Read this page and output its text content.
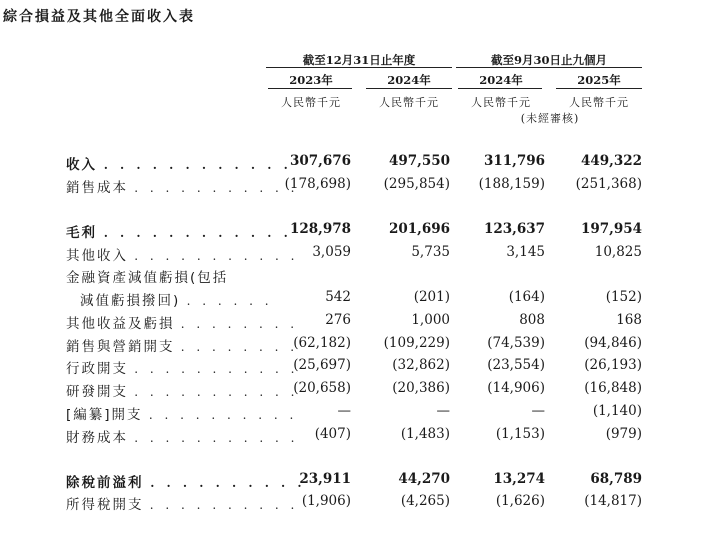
綜合損益及其他全面收入表
截至12月31日止年度	截至9月30日止九個月
2023年	2024年	2024年	2025年
人民幣千元	人民幣千元	人民幣千元	人民幣千元
(未經審核)
收入 . . . . . . . . . . . .
307,676	497,550	311,796	449,322
銷售成本 . . . . . . . . . . .
(178,698) (295,854) (188,159) (251,368)
毛利 . . . . . . . . . . . .
128,978	201,696	123,637	197,954
其他收入 . . . . . . . . . . . 3,059	5,735	3,145	10,825
金融資產減值虧損(包括
減值虧損撥回) . . . . . .	542	(201)	(164)	(152)
其他收益及虧損 . . . . . . . . 276	1,000	808	168
銷售與營銷開支 . . . . . . . .
(62,182) (109,229)	(74,539)	(94,846)
行政開支 . . . . . . . . . . .
(25,697)	(32,862)	(23,554)	(26,193)
研發開支 . . . . . . . . . . .
(20,658)	(20,386)	(14,906)	(16,848)
[編纂]開支 . . . . . . . . . .	—	—	—	(1,140)
財務成本 . . . . . . . . . . . (407)	(1,483)	(1,153)	(979)
除稅前溢利 . . . . . . . . . .
23,911	44,270	13,274	68,789
所得稅開支 . . . . . . . . . . (1,906)	(4,265)	(1,626)	(14,817)
